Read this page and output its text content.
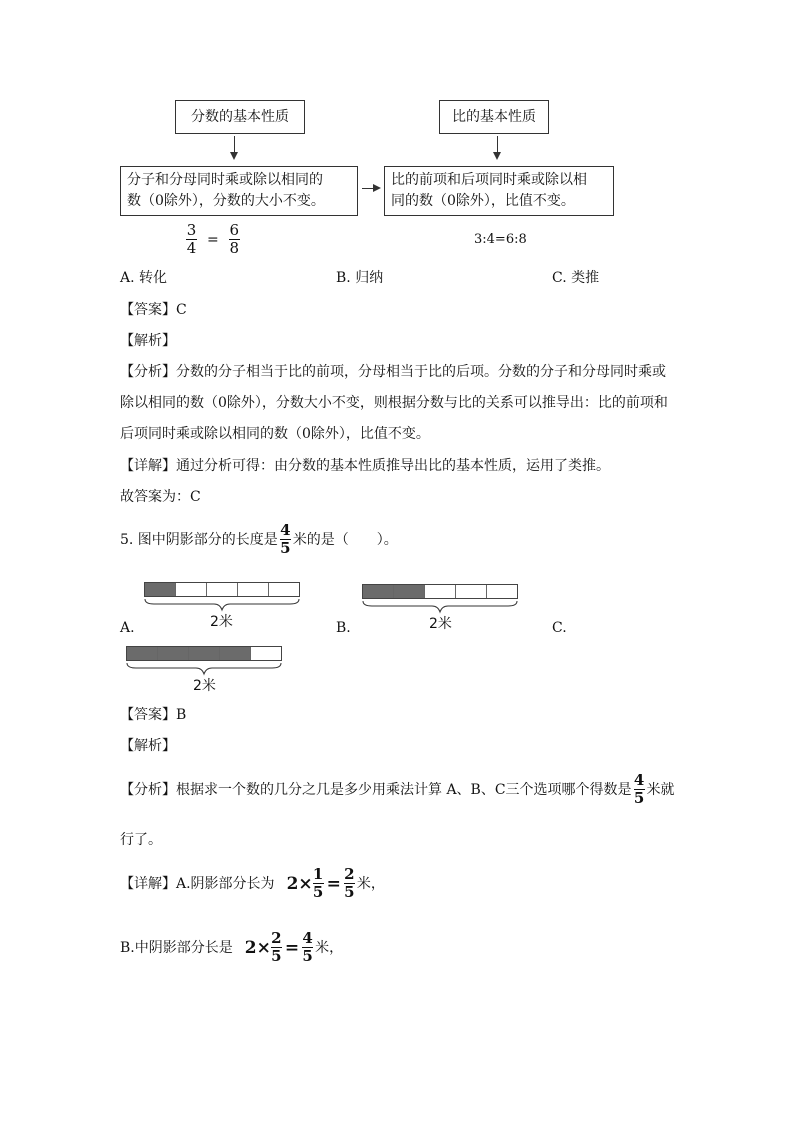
分数的基本性质	比的基本性质
分子和分母同时乘或除以相同的
数（0除外），分数的大小不变。
比的前项和后项同时乘或除以相
同的数（0除外），比值不变。
$\frac{3}{4} = \frac{6}{8}$	3:4=6:8
A. 转化	B. 归纳	C. 类推
【答案】C
【解析】
【分析】分数的分子相当于比的前项，分母相当于比的后项。分数的分子和分母同时乘或
除以相同的数（0除外），分数大小不变，则根据分数与比的关系可以推导出：比的前项和
后项同时乘或除以相同的数（0除外），比值不变。
【详解】通过分析可得：由分数的基本性质推导出比的基本性质，运用了类推。
故答案为：C
5. 图中阴影部分的长度是 $\frac{4}{5}$ 米的是（　　）。
2米
A.	2米
B.	C.
2米
【答案】B
【解析】
【分析】根据求一个数的几分之几是多少用乘法计算 A、B、C三个选项哪个得数是 $\frac{4}{5}$ 米就
行了。
【详解】A.阴影部分长为 $2\times \frac{1}{5} = \frac{2}{5}$ 米，
B.中阴影部分长是 $2\times \frac{2}{5} = \frac{4}{5}$ 米，
